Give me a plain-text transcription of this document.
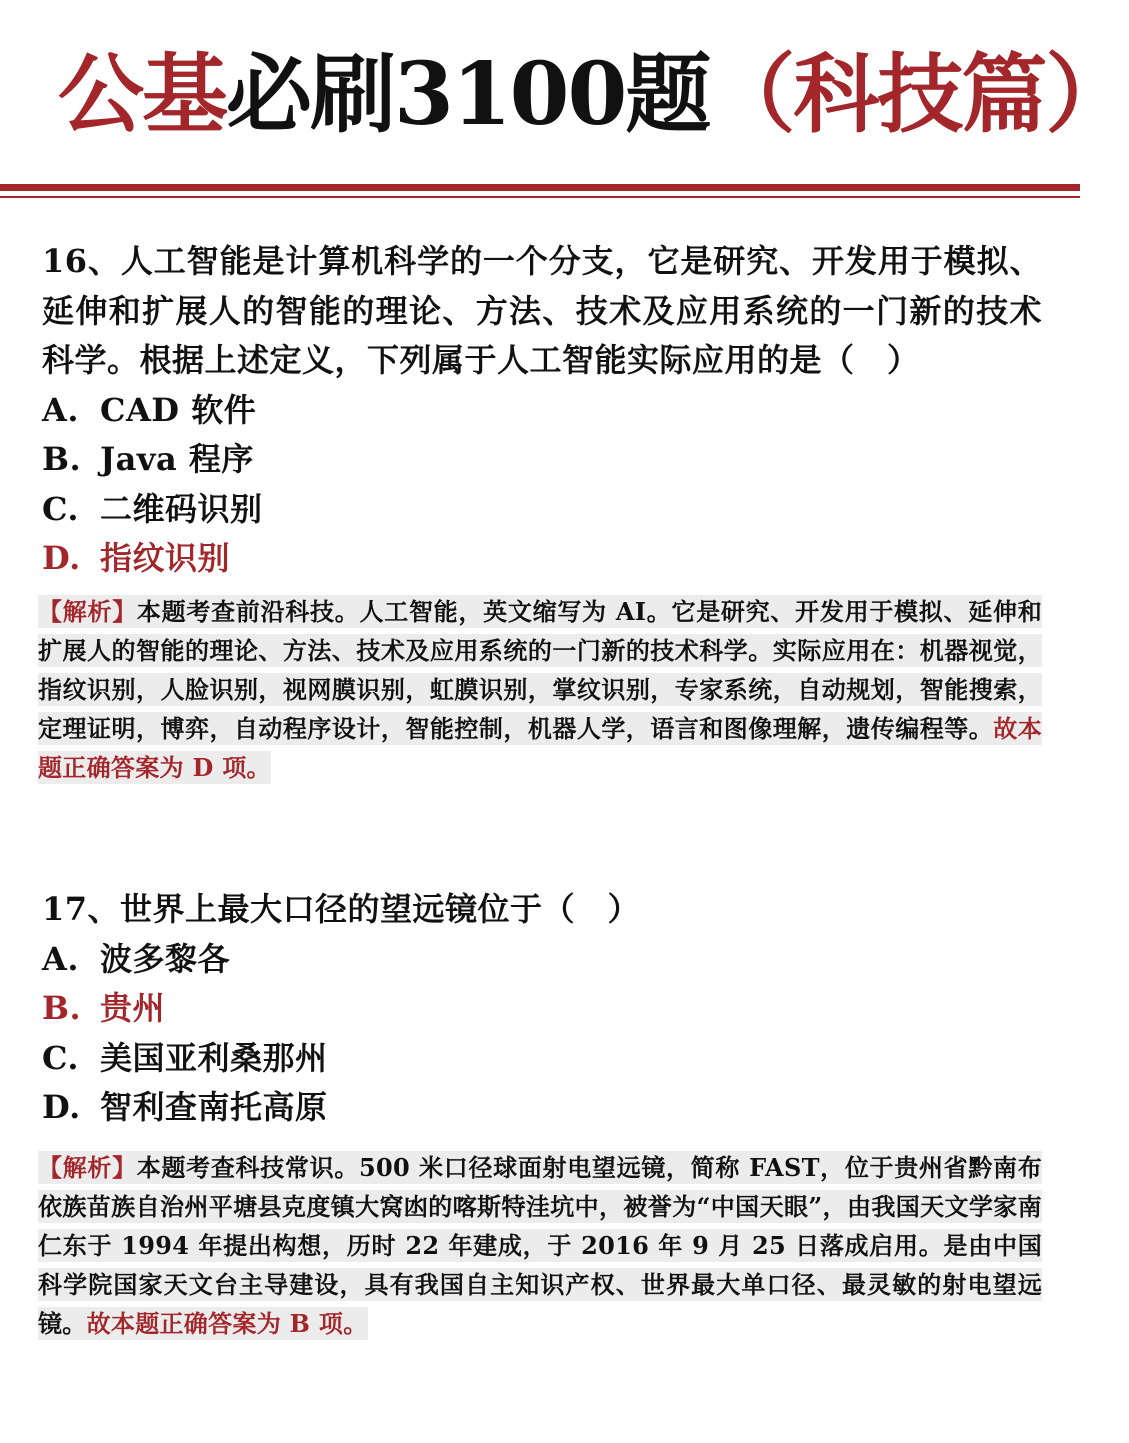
公基必刷3100题（科技篇）

16、人工智能是计算机科学的一个分支，它是研究、开发用于模拟、延伸和扩展人的智能的理论、方法、技术及应用系统的一门新的技术科学。根据上述定义，下列属于人工智能实际应用的是（　）

A. CAD 软件

B. Java 程序

C. 二维码识别

D. 指纹识别

【解析】本题考查前沿科技。人工智能，英文缩写为 AI。它是研究、开发用于模拟、延伸和扩展人的智能的理论、方法、技术及应用系统的一门新的技术科学。实际应用在：机器视觉，指纹识别，人脸识别，视网膜识别，虹膜识别，掌纹识别，专家系统，自动规划，智能搜索，定理证明，博弈，自动程序设计，智能控制，机器人学，语言和图像理解，遗传编程等。故本题正确答案为 D 项。

17、世界上最大口径的望远镜位于（　）

A. 波多黎各

B. 贵州

C. 美国亚利桑那州

D. 智利查南托高原

【解析】本题考查科技常识。500 米口径球面射电望远镜，简称 FAST，位于贵州省黔南布依族苗族自治州平塘县克度镇大窝凼的喀斯特洼坑中，被誉为“中国天眼”，由我国天文学家南仁东于 1994 年提出构想，历时 22 年建成，于 2016 年 9 月 25 日落成启用。是由中国科学院国家天文台主导建设，具有我国自主知识产权、世界最大单口径、最灵敏的射电望远镜。故本题正确答案为 B 项。
